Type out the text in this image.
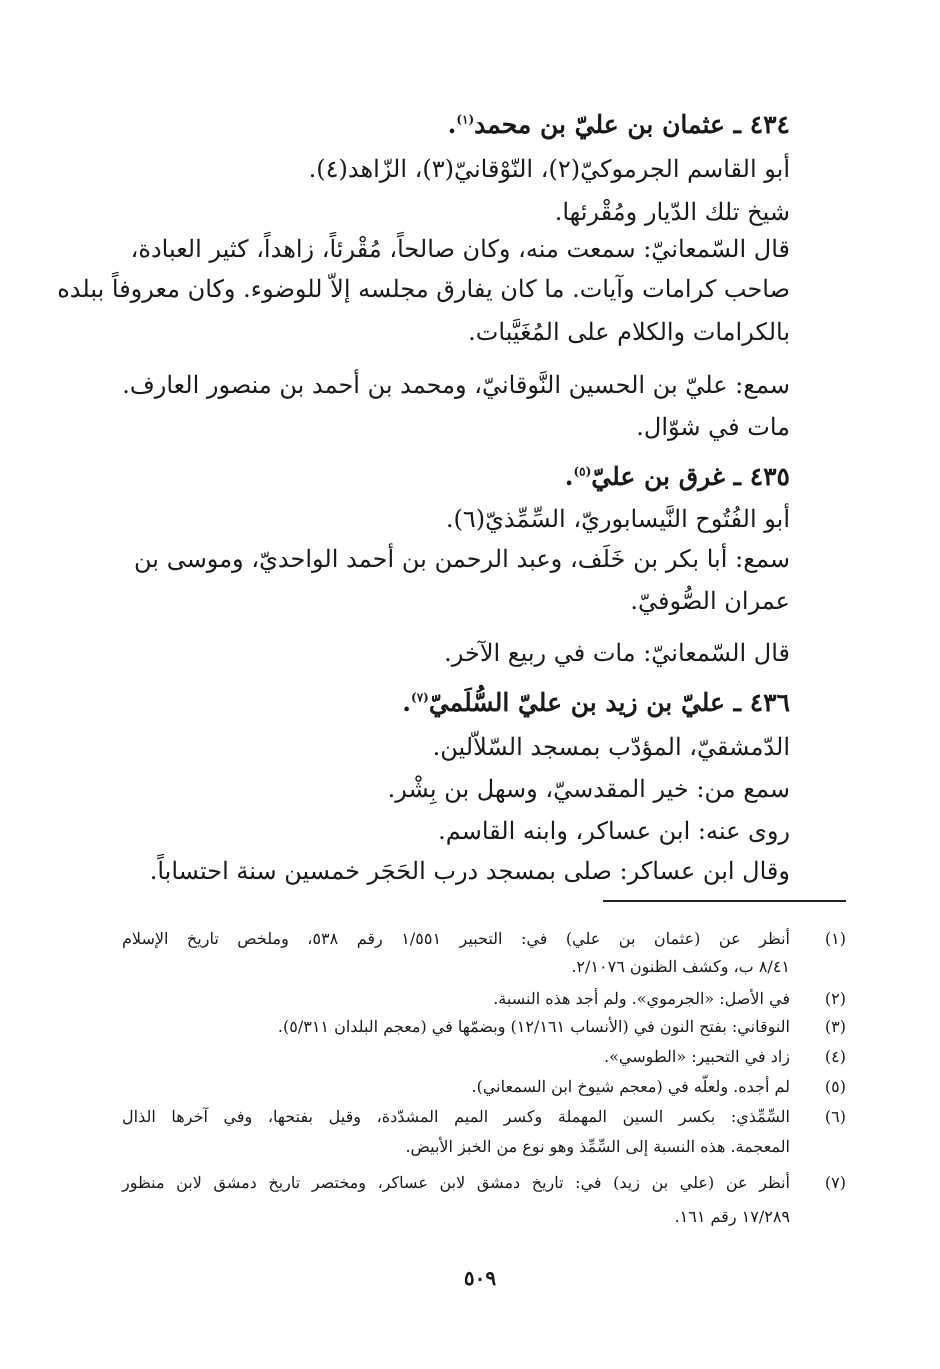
٤٣٤ ـ عثمان بن عليّ بن محمد$^{(١)}$.
أبو القاسم الجرموكيّ(٢)، النّوْقانيّ(٣)، الزّاهد(٤).
شيخ تلك الدّيار ومُقْرئها.
قال السّمعانيّ: سمعت منه، وكان صالحاً، مُقْرئاً، زاهداً، كثير العبادة،
صاحب كرامات وآيات. ما كان يفارق مجلسه إلاّ للوضوء. وكان معروفاً ببلده
بالكرامات والكلام على المُغَيَّبات.
سمع: عليّ بن الحسين النَّوقانيّ، ومحمد بن أحمد بن منصور العارف.
مات في شوّال.
٤٣٥ ـ غرق بن عليّ$^{(٥)}$.
أبو الفُتُوح النَّيسابوريّ، السِّمِّذيّ(٦).
سمع: أبا بكر بن خَلَف، وعبد الرحمن بن أحمد الواحديّ، وموسى بن
عمران الصُّوفيّ.
قال السّمعانيّ: مات في ربيع الآخر.
٤٣٦ ـ عليّ بن زيد بن عليّ السُّلَميّ$^{(٧)}$.
الدّمشقيّ، المؤدّب بمسجد السّلاّلين.
سمع من: خير المقدسيّ، وسهل بن بِشْر.
روى عنه: ابن عساكر، وابنه القاسم.
وقال ابن عساكر: صلى بمسجد درب الحَجَر خمسين سنة احتساباً.
(١)
أنظر عن (عثمان بن علي) في: التحبير ١/٥٥١ رقم ٥٣٨، وملخص تاريخ الإسلام
٨/٤١ ب، وكشف الظنون ٢/١٠٧٦.
(٢)
في الأصل: «الجرموي». ولم أجد هذه النسبة.
(٣)
النوقاني: بفتح النون في (الأنساب ١٢/١٦١) وبضمّها في (معجم البلدان ٥/٣١١).
(٤)
زاد في التحبير: «الطوسي».
(٥)
لم أجده. ولعلّه في (معجم شيوخ ابن السمعاني).
(٦)
السِّمِّذي: بكسر السين المهملة وكسر الميم المشدّدة، وقيل بفتحها، وفي آخرها الذال
المعجمة. هذه النسبة إلى السِّمِّذ وهو نوع من الخبز الأبيض.
(٧)
أنظر عن (علي بن زيد) في: تاريخ دمشق لابن عساكر، ومختصر تاريخ دمشق لابن منظور
١٧/٢٨٩ رقم ١٦١.
٥٠٩
